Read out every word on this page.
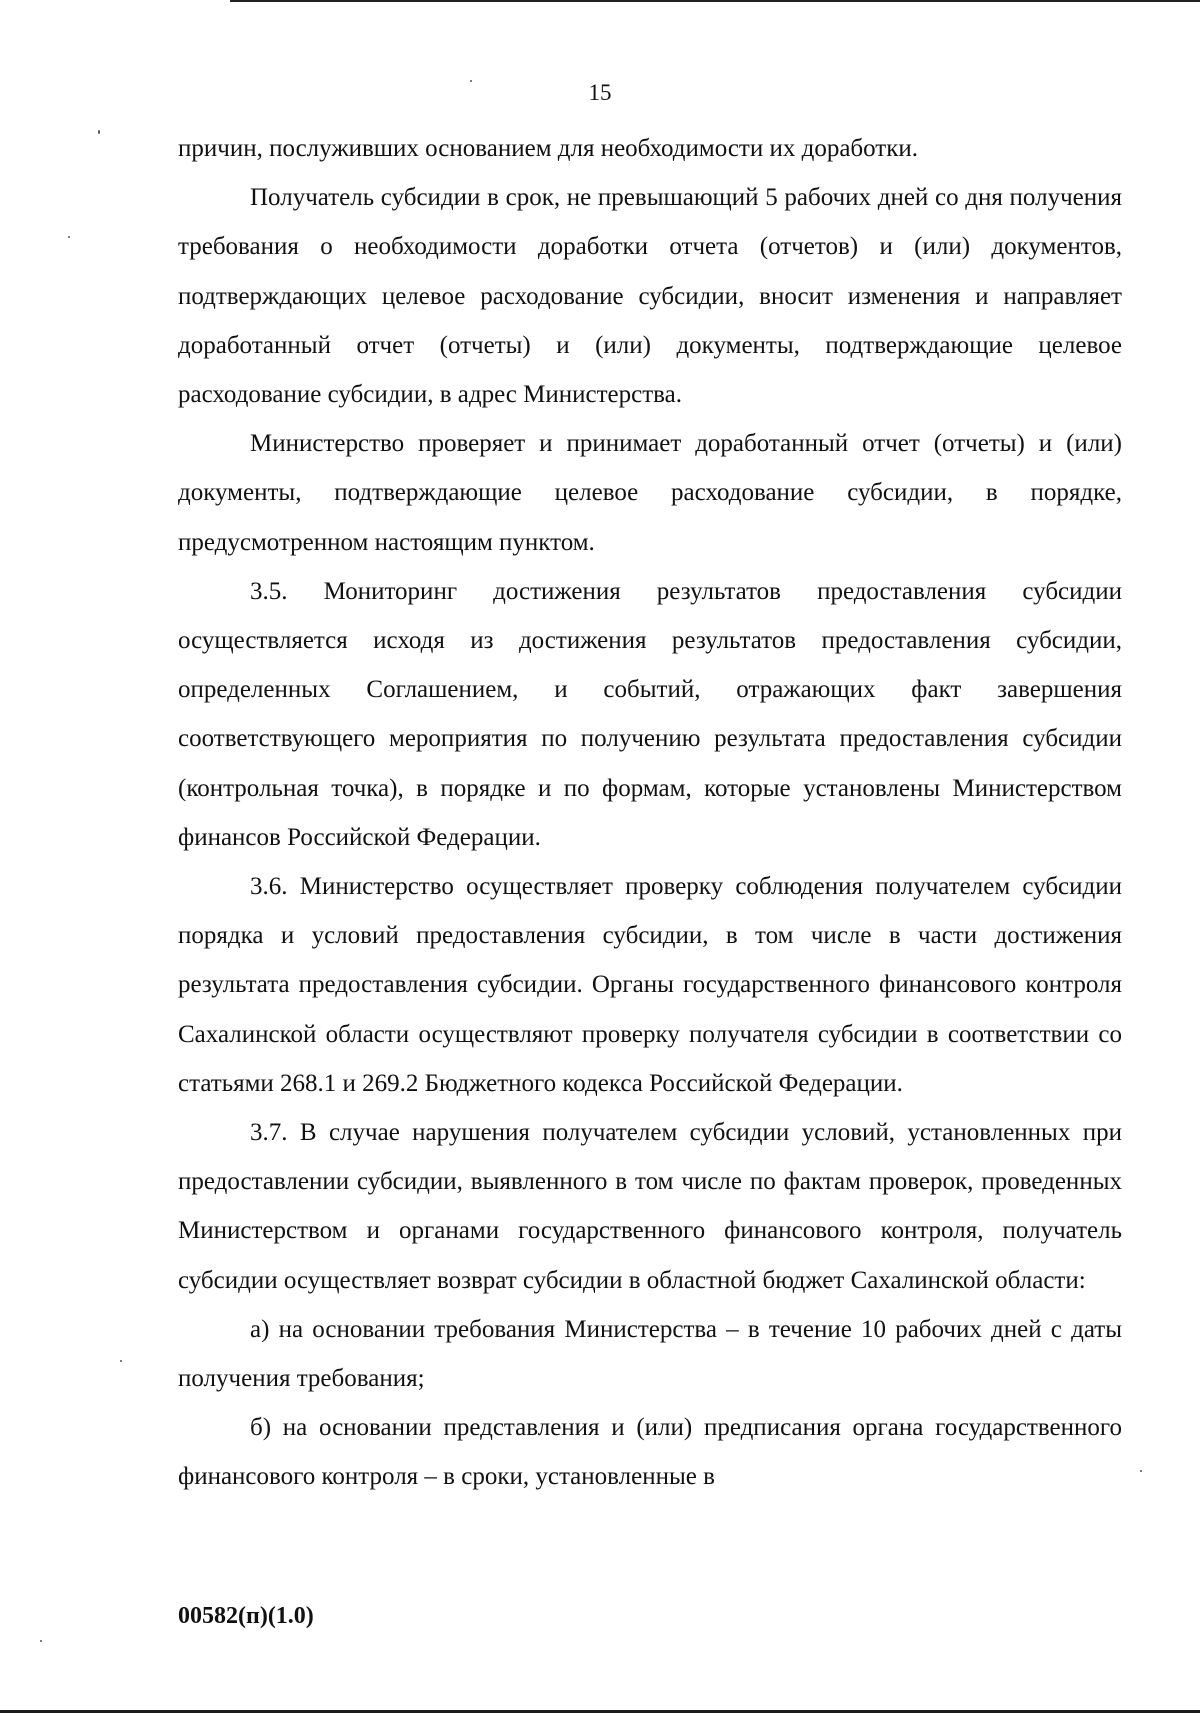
15

причин, послуживших основанием для необходимости их доработки.

Получатель субсидии в срок, не превышающий 5 рабочих дней со дня получения требования о необходимости доработки отчета (отчетов) и (или) документов, подтверждающих целевое расходование субсидии, вносит изменения и направляет доработанный отчет (отчеты) и (или) документы, подтверждающие целевое расходование субсидии, в адрес Министерства.

Министерство проверяет и принимает доработанный отчет (отчеты) и (или) документы, подтверждающие целевое расходование субсидии, в порядке, предусмотренном настоящим пунктом.

3.5. Мониторинг достижения результатов предоставления субсидии осуществляется исходя из достижения результатов предоставления субсидии, определенных Соглашением, и событий, отражающих факт завершения соответствующего мероприятия по получению результата предоставления субсидии (контрольная точка), в порядке и по формам, которые установлены Министерством финансов Российской Федерации.

3.6. Министерство осуществляет проверку соблюдения получателем субсидии порядка и условий предоставления субсидии, в том числе в части достижения результата предоставления субсидии. Органы государственного финансового контроля Сахалинской области осуществляют проверку получателя субсидии в соответствии со статьями 268.1 и 269.2 Бюджетного кодекса Российской Федерации.

3.7. В случае нарушения получателем субсидии условий, установленных при предоставлении субсидии, выявленного в том числе по фактам проверок, проведенных Министерством и органами государственного финансового контроля, получатель субсидии осуществляет возврат субсидии в областной бюджет Сахалинской области:

а) на основании требования Министерства – в течение 10 рабочих дней с даты получения требования;

б) на основании представления и (или) предписания органа государственного финансового контроля – в сроки, установленные в

00582(п)(1.0)
